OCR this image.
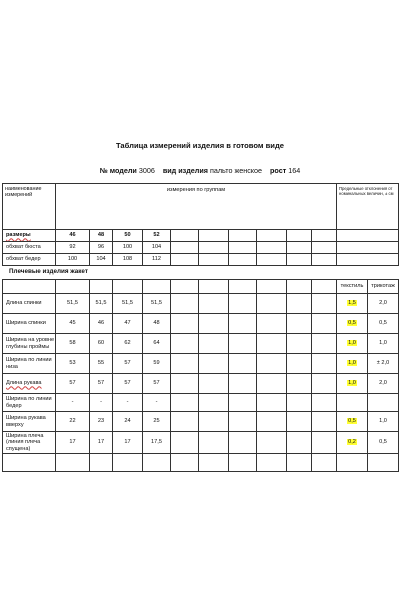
Таблица измерений изделия в готовом виде
№ модели 3006 вид изделия пальто женское рост 164
наименование измерений	измерения по группам										Предельные отклонения от номинальных величин, ± см
размеры	46	48	50	52							
обхват бюста	92	96	100	104							
обхват бедер	100	104	108	112							
Плечевые изделия жакет
											текстиль	трикотаж
Длина спинки	51,5	51,5	51,5	51,5							1,5	2,0
Ширина спинки	45	46	47	48							0,5	0,5
Ширина на уровне глубины проймы	58	60	62	64							1,0	1,0
Ширина по линии низа	53	55	57	59							1,0	± 2,0
Длина рукава	57	57	57	57							1,0	2,0
Ширина по линии бедер	-	-	-	-								
Ширина рукава вверху	22	23	24	25							0,5	1,0
Ширина плеча (линия плеча спущена)	17	17	17	17,5							0,2	0,5
